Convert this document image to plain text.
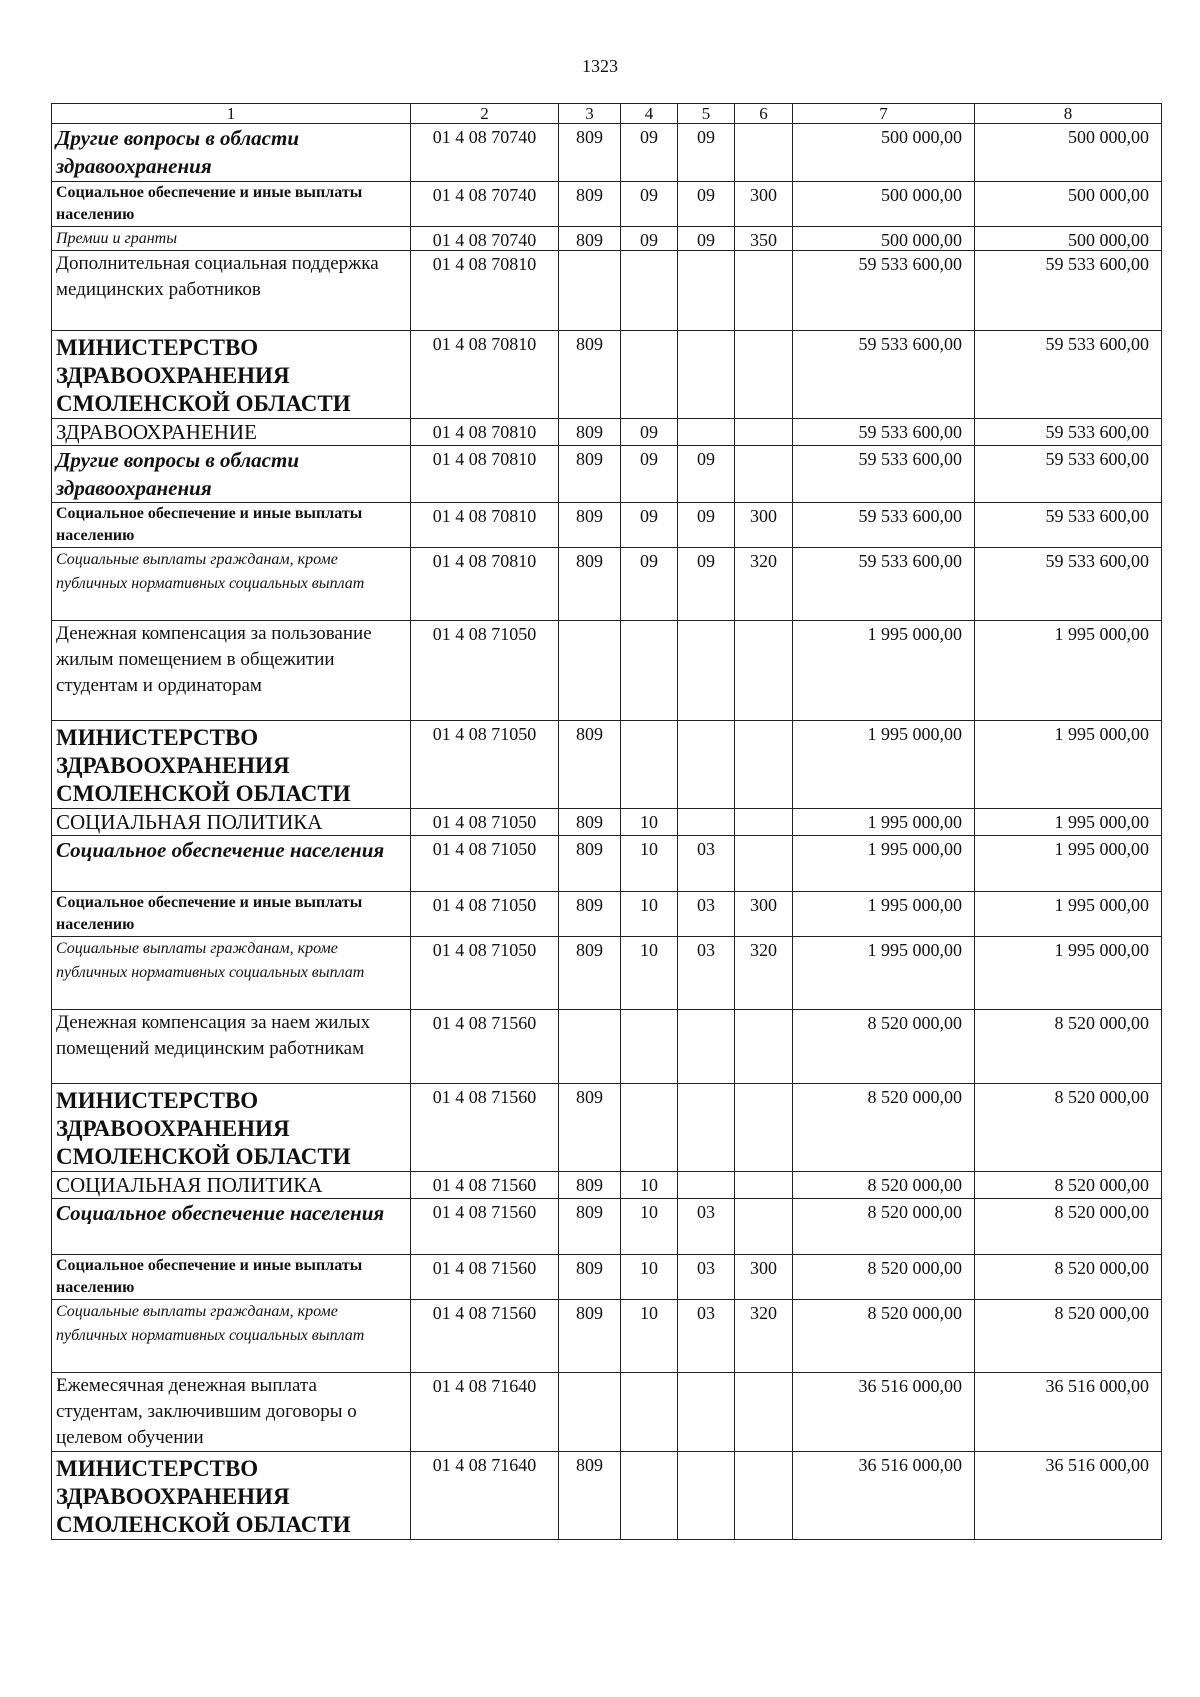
1323
1	2	3	4	5	6	7	8
Другие вопросы в области здравоохранения	01 4 08 70740	809	09	09		500 000,00	500 000,00
Социальное обеспечение и иные выплаты населению	01 4 08 70740	809	09	09	300	500 000,00	500 000,00
Премии и гранты	01 4 08 70740	809	09	09	350	500 000,00	500 000,00
Дополнительная социальная поддержка медицинских работников	01 4 08 70810					59 533 600,00	59 533 600,00
МИНИСТЕРСТВО ЗДРАВООХРАНЕНИЯ СМОЛЕНСКОЙ ОБЛАСТИ	01 4 08 70810	809				59 533 600,00	59 533 600,00
ЗДРАВООХРАНЕНИЕ	01 4 08 70810	809	09			59 533 600,00	59 533 600,00
Другие вопросы в области здравоохранения	01 4 08 70810	809	09	09		59 533 600,00	59 533 600,00
Социальное обеспечение и иные выплаты населению	01 4 08 70810	809	09	09	300	59 533 600,00	59 533 600,00
Социальные выплаты гражданам, кроме публичных нормативных социальных выплат	01 4 08 70810	809	09	09	320	59 533 600,00	59 533 600,00
Денежная компенсация за пользование жилым помещением в общежитии студентам и ординаторам	01 4 08 71050					1 995 000,00	1 995 000,00
МИНИСТЕРСТВО ЗДРАВООХРАНЕНИЯ СМОЛЕНСКОЙ ОБЛАСТИ	01 4 08 71050	809				1 995 000,00	1 995 000,00
СОЦИАЛЬНАЯ ПОЛИТИКА	01 4 08 71050	809	10			1 995 000,00	1 995 000,00
Социальное обеспечение населения	01 4 08 71050	809	10	03		1 995 000,00	1 995 000,00
Социальное обеспечение и иные выплаты населению	01 4 08 71050	809	10	03	300	1 995 000,00	1 995 000,00
Социальные выплаты гражданам, кроме публичных нормативных социальных выплат	01 4 08 71050	809	10	03	320	1 995 000,00	1 995 000,00
Денежная компенсация за наем жилых помещений медицинским работникам	01 4 08 71560					8 520 000,00	8 520 000,00
МИНИСТЕРСТВО ЗДРАВООХРАНЕНИЯ СМОЛЕНСКОЙ ОБЛАСТИ	01 4 08 71560	809				8 520 000,00	8 520 000,00
СОЦИАЛЬНАЯ ПОЛИТИКА	01 4 08 71560	809	10			8 520 000,00	8 520 000,00
Социальное обеспечение населения	01 4 08 71560	809	10	03		8 520 000,00	8 520 000,00
Социальное обеспечение и иные выплаты населению	01 4 08 71560	809	10	03	300	8 520 000,00	8 520 000,00
Социальные выплаты гражданам, кроме публичных нормативных социальных выплат	01 4 08 71560	809	10	03	320	8 520 000,00	8 520 000,00
Ежемесячная денежная выплата студентам, заключившим договоры о целевом обучении	01 4 08 71640					36 516 000,00	36 516 000,00
МИНИСТЕРСТВО ЗДРАВООХРАНЕНИЯ СМОЛЕНСКОЙ ОБЛАСТИ	01 4 08 71640	809				36 516 000,00	36 516 000,00
